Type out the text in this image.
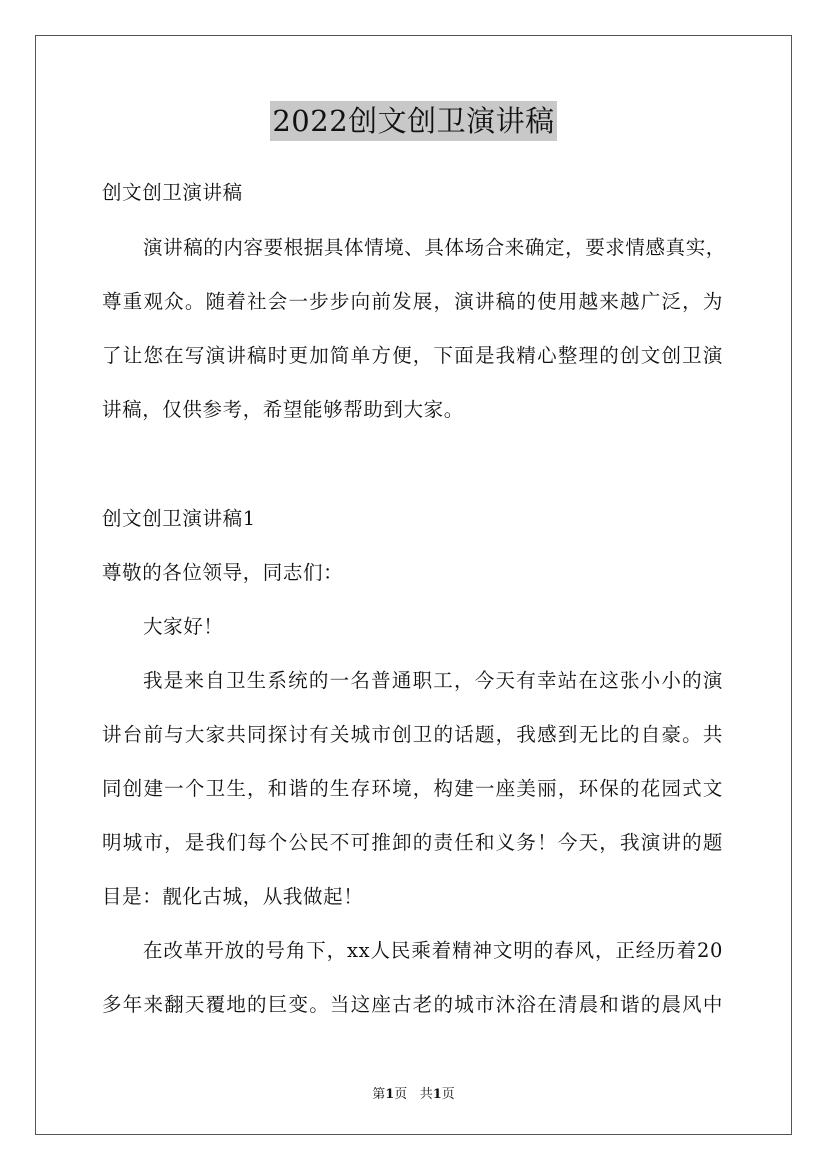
2022创文创卫演讲稿
创文创卫演讲稿
演讲稿的内容要根据具体情境、具体场合来确定，要求情感真实，
尊重观众。随着社会一步步向前发展，演讲稿的使用越来越广泛，为
了让您在写演讲稿时更加简单方便，下面是我精心整理的创文创卫演
讲稿，仅供参考，希望能够帮助到大家。
创文创卫演讲稿1
尊敬的各位领导，同志们：
大家好！
我是来自卫生系统的一名普通职工，今天有幸站在这张小小的演
讲台前与大家共同探讨有关城市创卫的话题，我感到无比的自豪。共
同创建一个卫生，和谐的生存环境，构建一座美丽，环保的花园式文
明城市，是我们每个公民不可推卸的责任和义务！今天，我演讲的题
目是：靓化古城，从我做起！
在改革开放的号角下，xx人民乘着精神文明的春风，正经历着20
多年来翻天覆地的巨变。当这座古老的城市沐浴在清晨和谐的晨风中
第1页 共1页
